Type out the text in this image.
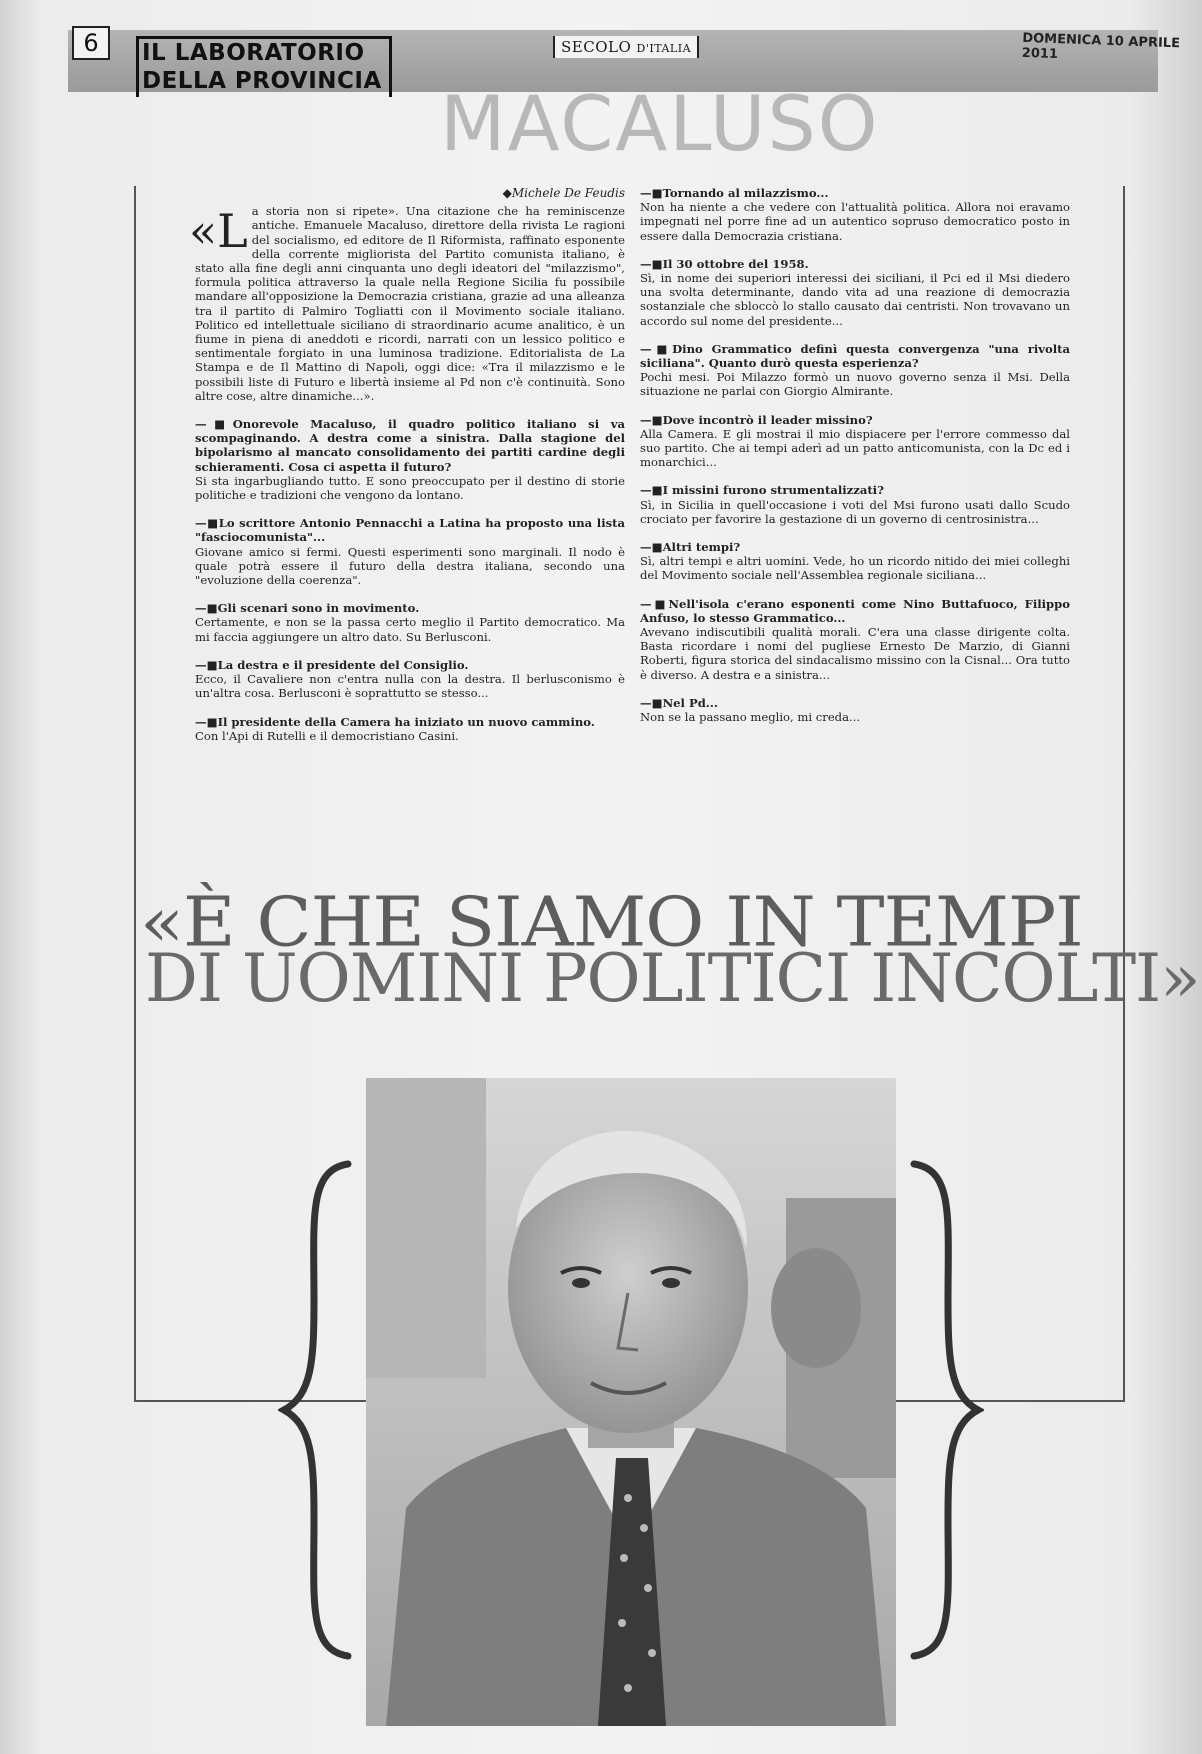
6	IL LABORATORIO
DELLA PROVINCIA
SECOLO D'ITALIA	DOMENICA 10 APRILE 2011
MACALUSO

◆ Michele De Feudis

«La storia non si ripete». Una citazione che ha reminiscenze antiche. Emanuele Macaluso, direttore della rivista Le ragioni del socialismo, ed editore de Il Riformista, raffinato esponente della corrente migliorista del Partito comunista italiano, è stato alla fine degli anni cinquanta uno degli ideatori del "milazzismo", formula politica attraverso la quale nella Regione Sicilia fu possibile mandare all'opposizione la Democrazia cristiana, grazie ad una alleanza tra il partito di Palmiro Togliatti con il Movimento sociale italiano. Politico ed intellettuale siciliano di straordinario acume analitico, è un fiume in piena di aneddoti e ricordi, narrati con un lessico politico e sentimentale forgiato in una luminosa tradizione. Editorialista de La Stampa e de Il Mattino di Napoli, oggi dice: «Tra il milazzismo e le possibili liste di Futuro e libertà insieme al Pd non c'è continuità. Sono altre cose, altre dinamiche...».

—■ Onorevole Macaluso, il quadro politico italiano si va scompaginando. A destra come a sinistra. Dalla stagione del bipolarismo al mancato consolidamento dei partiti cardine degli schieramenti. Cosa ci aspetta il futuro?

Si sta ingarbugliando tutto. E sono preoccupato per il destino di storie politiche e tradizioni che vengono da lontano.

—■ Lo scrittore Antonio Pennacchi a Latina ha proposto una lista "fasciocomunista"...

Giovane amico si fermi. Questi esperimenti sono marginali. Il nodo è quale potrà essere il futuro della destra italiana, secondo una "evoluzione della coerenza".

—■ Gli scenari sono in movimento.

Certamente, e non se la passa certo meglio il Partito democratico. Ma mi faccia aggiungere un altro dato. Su Berlusconi.

—■ La destra e il presidente del Consiglio.

Ecco, il Cavaliere non c'entra nulla con la destra. Il berlusconismo è un'altra cosa. Berlusconi è soprattutto se stesso...

—■ Il presidente della Camera ha iniziato un nuovo cammino.

Con l'Api di Rutelli e il democristiano Casini.

—■ Tornando al milazzismo...

Non ha niente a che vedere con l'attualità politica. Allora noi eravamo impegnati nel porre fine ad un autentico sopruso democratico posto in essere dalla Democrazia cristiana.

—■ Il 30 ottobre del 1958.

Sì, in nome dei superiori interessi dei siciliani, il Pci ed il Msi diedero una svolta determinante, dando vita ad una reazione di democrazia sostanziale che sbloccò lo stallo causato dai centristi. Non trovavano un accordo sul nome del presidente...

—■ Dino Grammatico definì questa convergenza "una rivolta siciliana". Quanto durò questa esperienza?

Pochi mesi. Poi Milazzo formò un nuovo governo senza il Msi. Della situazione ne parlai con Giorgio Almirante.

—■ Dove incontrò il leader missino?

Alla Camera. E gli mostrai il mio dispiacere per l'errore commesso dal suo partito. Che ai tempi aderì ad un patto anticomunista, con la Dc ed i monarchici...

—■ I missini furono strumentalizzati?

Sì, in Sicilia in quell'occasione i voti del Msi furono usati dallo Scudo crociato per favorire la gestazione di un governo di centrosinistra...

—■ Altri tempi?

Sì, altri tempi e altri uomini. Vede, ho un ricordo nitido dei miei colleghi del Movimento sociale nell'Assemblea regionale siciliana...

—■ Nell'isola c'erano esponenti come Nino Buttafuoco, Filippo Anfuso, lo stesso Grammatico...

Avevano indiscutibili qualità morali. C'era una classe dirigente colta. Basta ricordare i nomi del pugliese Ernesto De Marzio, di Gianni Roberti, figura storica del sindacalismo missino con la Cisnal... Ora tutto è diverso. A destra e a sinistra...

—■ Nel Pd...

Non se la passano meglio, mi creda...

«È CHE SIAMO IN TEMPI
DI UOMINI POLITICI INCOLTI»
